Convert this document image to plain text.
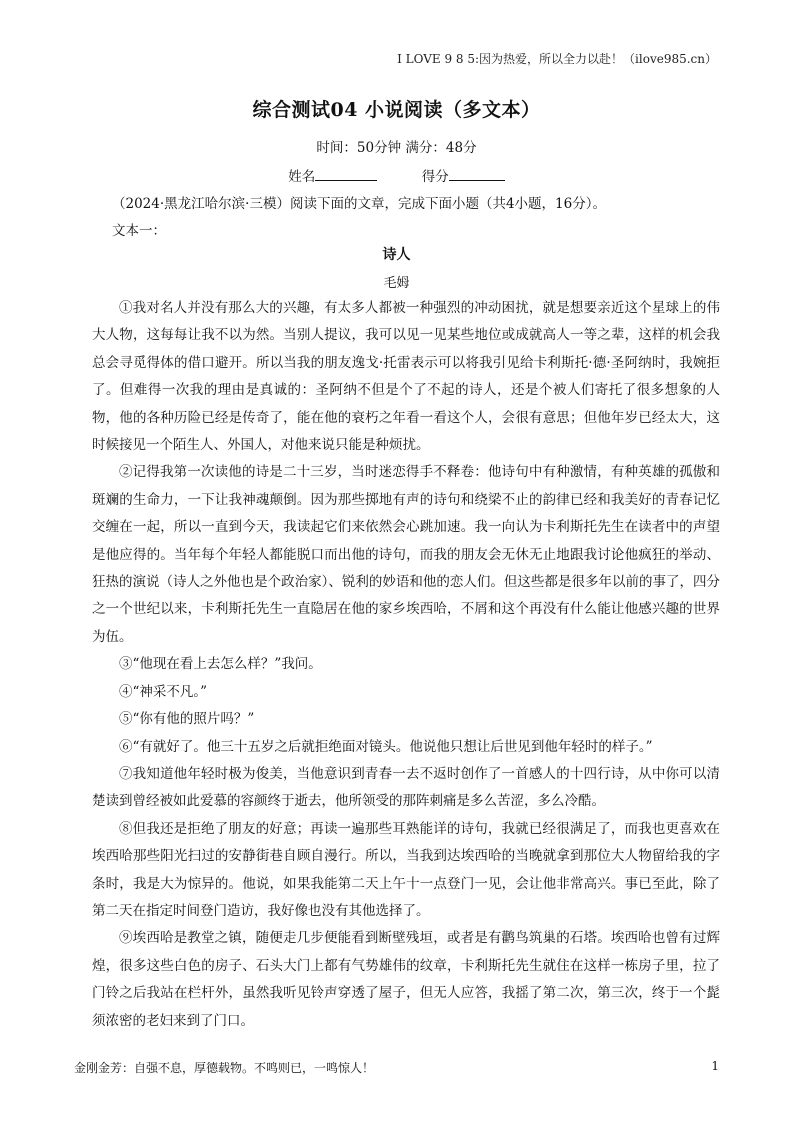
I LOVE 9 8 5:因为热爱，所以全力以赴！（ilove985.cn）
综合测试04 小说阅读（多文本）
时间：50分钟 满分：48分
姓名	得分
（2024·黑龙江哈尔滨·三模）阅读下面的文章，完成下面小题（共4小题，16分）。
文本一：
诗人
毛姆

①我对名人并没有那么大的兴趣，有太多人都被一种强烈的冲动困扰，就是想要亲近这个星球上的伟大人物，这每每让我不以为然。当别人提议，我可以见一见某些地位或成就高人一等之辈，这样的机会我总会寻觅得体的借口避开。所以当我的朋友逸戈·托雷表示可以将我引见给卡利斯托·德·圣阿纳时，我婉拒了。但难得一次我的理由是真诚的：圣阿纳不但是个了不起的诗人，还是个被人们寄托了很多想象的人物，他的各种历险已经是传奇了，能在他的衰朽之年看一看这个人，会很有意思；但他年岁已经太大，这时候接见一个陌生人、外国人，对他来说只能是种烦扰。

②记得我第一次读他的诗是二十三岁，当时迷恋得手不释卷：他诗句中有种激情，有种英雄的孤傲和斑斓的生命力，一下让我神魂颠倒。因为那些掷地有声的诗句和绕梁不止的韵律已经和我美好的青春记忆交缠在一起，所以一直到今天，我读起它们来依然会心跳加速。我一向认为卡利斯托先生在读者中的声望是他应得的。当年每个年轻人都能脱口而出他的诗句，而我的朋友会无休无止地跟我讨论他疯狂的举动、狂热的演说（诗人之外他也是个政治家）、锐利的妙语和他的恋人们。但这些都是很多年以前的事了，四分之一个世纪以来，卡利斯托先生一直隐居在他的家乡埃西哈，不屑和这个再没有什么能让他感兴趣的世界为伍。

③“他现在看上去怎么样？”我问。

④“神采不凡。”

⑤“你有他的照片吗？”

⑥“有就好了。他三十五岁之后就拒绝面对镜头。他说他只想让后世见到他年轻时的样子。”

⑦我知道他年轻时极为俊美，当他意识到青春一去不返时创作了一首感人的十四行诗，从中你可以清楚读到曾经被如此爱慕的容颜终于逝去，他所领受的那阵刺痛是多么苦涩，多么冷酷。

⑧但我还是拒绝了朋友的好意；再读一遍那些耳熟能详的诗句，我就已经很满足了，而我也更喜欢在埃西哈那些阳光扫过的安静街巷自顾自漫行。所以，当我到达埃西哈的当晚就拿到那位大人物留给我的字条时，我是大为惊异的。他说，如果我能第二天上午十一点登门一见，会让他非常高兴。事已至此，除了第二天在指定时间登门造访，我好像也没有其他选择了。

⑨埃西哈是教堂之镇，随便走几步便能看到断壁残垣，或者是有鹳鸟筑巢的石塔。埃西哈也曾有过辉煌，很多这些白色的房子、石头大门上都有气势雄伟的纹章，卡利斯托先生就住在这样一栋房子里，拉了门铃之后我站在栏杆外，虽然我听见铃声穿透了屋子，但无人应答，我摇了第二次，第三次，终于一个髭须浓密的老妇来到了门口。

金刚金芳：自强不息，厚德载物。不鸣则已，一鸣惊人！	1
